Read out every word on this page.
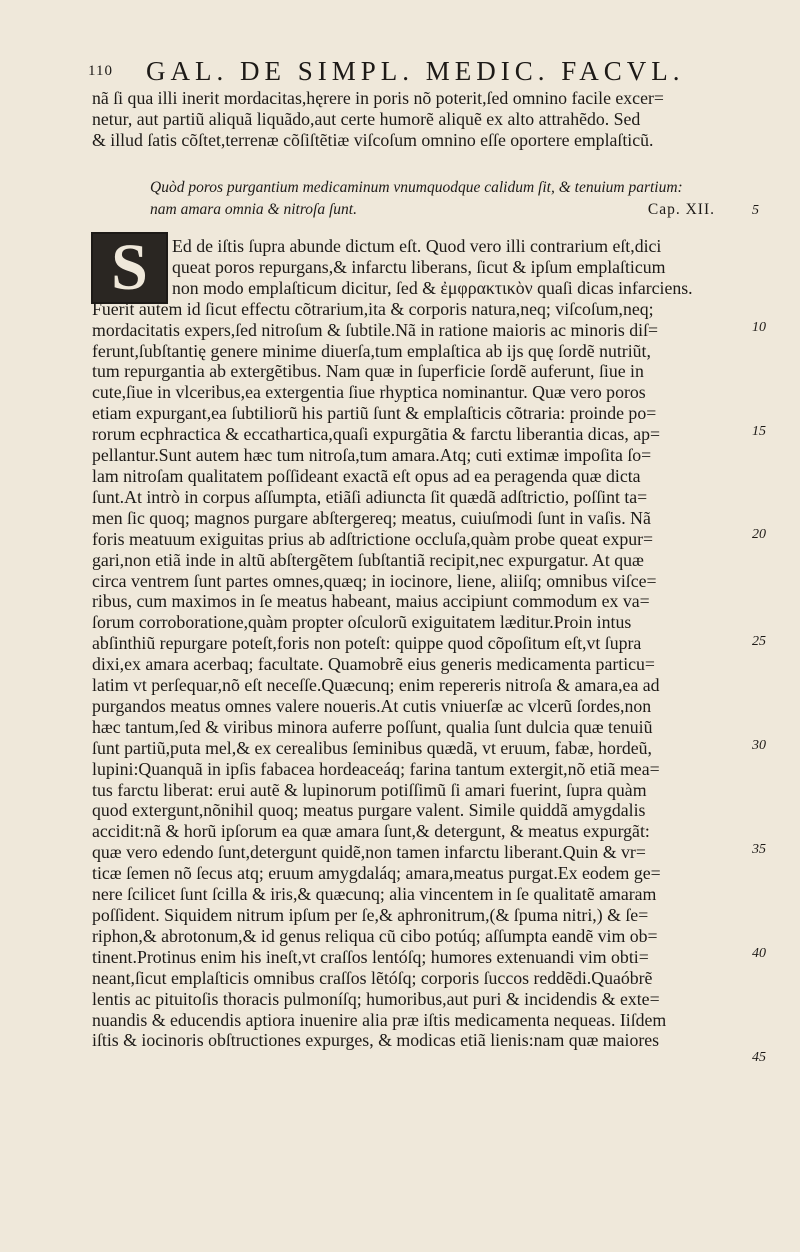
110	GAL. DE SIMPL. MEDIC. FACVL.
nã ſi qua illi inerit mordacitas,hęrere in poris nõ poterit,ſed omnino facile excer=
netur, aut partiũ aliquã liquãdo,aut certe humorẽ aliquẽ ex alto attrahẽdo. Sed
& illud ſatis cõſtet,terrenæ cõſiſtẽtiæ viſcoſum omnino eſſe oportere emplaſticũ.
Quòd poros purgantium medicaminum vnumquodque calidum ſit, & tenuium partium:
nam amara omnia & nitroſa ſunt.	Cap. XII.
S	Ed de iſtis ſupra abunde dictum eſt. Quod vero illi contrarium eſt,dici
queat poros repurgans,& infarctu liberans, ſicut & ipſum emplaſticum
non modo emplaſticum dicitur, ſed & ἐμφρακτικὸν quaſi dicas infarciens.
Fuerit autem id ſicut effectu cõtrarium,ita & corporis natura,neq; viſcoſum,neq;
mordacitatis expers,ſed nitroſum & ſubtile.Nã in ratione maioris ac minoris diſ=
ferunt,ſubſtantię genere minime diuerſa,tum emplaſtica ab ijs quę ſordẽ nutriũt,
tum repurgantia ab extergẽtibus. Nam quæ in ſuperficie ſordẽ auferunt, ſiue in
cute,ſiue in vlceribus,ea extergentia ſiue rhyptica nominantur. Quæ vero poros
etiam expurgant,ea ſubtiliorũ his partiũ ſunt & emplaſticis cõtraria: proinde po=
rorum ecphractica & eccathartica,quaſi expurgãtia & farctu liberantia dicas, ap=
pellantur.Sunt autem hæc tum nitroſa,tum amara.Atq; cuti extimæ impoſita ſo=
lam nitroſam qualitatem poſſideant exactã eſt opus ad ea peragenda quæ dicta
ſunt.At intrò in corpus aſſumpta, etiãſi adiuncta ſit quædã adſtrictio, poſſint ta=
men ſic quoq; magnos purgare abſtergereq; meatus, cuiuſmodi ſunt in vaſis. Nã
foris meatuum exiguitas prius ab adſtrictione occluſa,quàm probe queat expur=
gari,non etiã inde in altũ abſtergẽtem ſubſtantiã recipit,nec expurgatur. At quæ
circa ventrem ſunt partes omnes,quæq; in iocinore, liene, aliiſq; omnibus viſce=
ribus, cum maximos in ſe meatus habeant, maius accipiunt commodum ex va=
ſorum corroboratione,quàm propter oſculorũ exiguitatem læditur.Proin intus
abſinthiũ repurgare poteſt,foris non poteſt: quippe quod cõpoſitum eſt,vt ſupra
dixi,ex amara acerbaq; facultate. Quamobrẽ eius generis medicamenta particu=
latim vt perſequar,nõ eſt neceſſe.Quæcunq; enim repereris nitroſa & amara,ea ad
purgandos meatus omnes valere noueris.At cutis vniuerſæ ac vlcerũ ſordes,non
hæc tantum,ſed & viribus minora auferre poſſunt, qualia ſunt dulcia quæ tenuiũ
ſunt partiũ,puta mel,& ex cerealibus ſeminibus quædã, vt eruum, fabæ, hordeũ,
lupini:Quanquã in ipſis fabacea hordeaceáq; farina tantum extergit,nõ etiã mea=
tus farctu liberat: erui autẽ & lupinorum potiſſimũ ſi amari fuerint, ſupra quàm
quod extergunt,nõnihil quoq; meatus purgare valent. Simile quiddã amygdalis
accidit:nã & horũ ipſorum ea quæ amara ſunt,& detergunt, & meatus expurgãt:
quæ vero edendo ſunt,detergunt quidẽ,non tamen infarctu liberant.Quin & vr=
ticæ ſemen nõ ſecus atq; eruum amygdaláq; amara,meatus purgat.Ex eodem ge=
nere ſcilicet ſunt ſcilla & iris,& quæcunq; alia vincentem in ſe qualitatẽ amaram
poſſident. Siquidem nitrum ipſum per ſe,& aphronitrum,(& ſpuma nitri,) & ſe=
riphon,& abrotonum,& id genus reliqua cũ cibo potúq; aſſumpta eandẽ vim ob=
tinent.Protinus enim his ineſt,vt craſſos lentóſq; humores extenuandi vim obti=
neant,ſicut emplaſticis omnibus craſſos lẽtóſq; corporis ſuccos reddẽdi.Quaóbrẽ
lentis ac pituitoſis thoracis pulmoníſq; humoribus,aut puri & incidendis & exte=
nuandis & educendis aptiora inuenire alia præ iſtis medicamenta nequeas. Iiſdem
iſtis & iocinoris obſtructiones expurges, & modicas etiã lienis:nam quæ maiores
5
10
15
20
25
30
35
40
45
